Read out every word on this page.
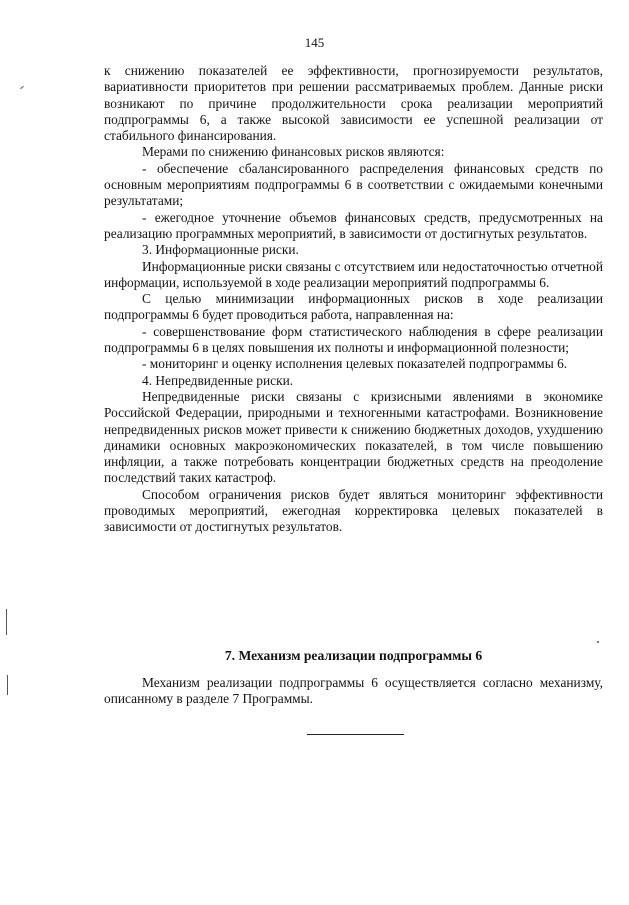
145

к снижению показателей ее эффективности, прогнозируемости результатов, вариативности приоритетов при решении рассматриваемых проблем. Данные риски возникают по причине продолжительности срока реализации мероприятий подпрограммы 6, а также высокой зависимости ее успешной реализации от стабильного финансирования.

Мерами по снижению финансовых рисков являются:

- обеспечение сбалансированного распределения финансовых средств по основным мероприятиям подпрограммы 6 в соответствии с ожидаемыми конечными результатами;

- ежегодное уточнение объемов финансовых средств, предусмотренных на реализацию программных мероприятий, в зависимости от достигнутых результатов.

3. Информационные риски.

Информационные риски связаны с отсутствием или недостаточностью отчетной информации, используемой в ходе реализации мероприятий подпрограммы 6.

С целью минимизации информационных рисков в ходе реализации подпрограммы 6 будет проводиться работа, направленная на:

- совершенствование форм статистического наблюдения в сфере реализации подпрограммы 6 в целях повышения их полноты и информационной полезности;

- мониторинг и оценку исполнения целевых показателей подпрограммы 6.

4. Непредвиденные риски.

Непредвиденные риски связаны с кризисными явлениями в экономике Российской Федерации, природными и техногенными катастрофами. Возникновение непредвиденных рисков может привести к снижению бюджетных доходов, ухудшению динамики основных макроэкономических показателей, в том числе повышению инфляции, а также потребовать концентрации бюджетных средств на преодоление последствий таких катастроф.

Способом ограничения рисков будет являться мониторинг эффективности проводимых мероприятий, ежегодная корректировка целевых показателей в зависимости от достигнутых результатов.

7. Механизм реализации подпрограммы 6

Механизм реализации подпрограммы 6 осуществляется согласно механизму, описанному в разделе 7 Программы.
